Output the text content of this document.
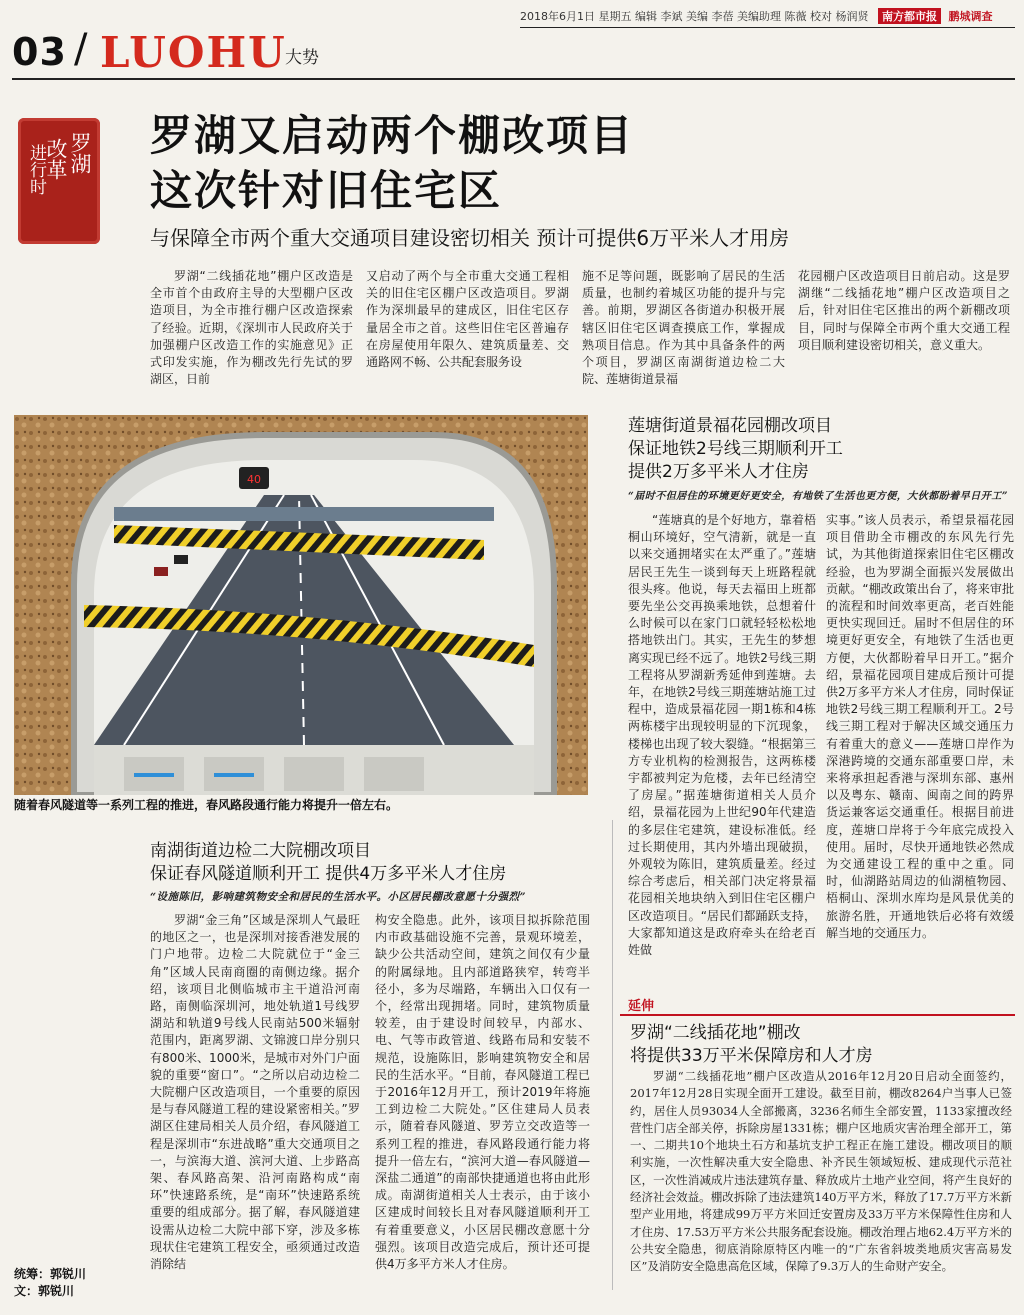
2018年6月1日 星期五 编辑 李斌 美编 李蓓 美编助理 陈薇 校对 杨润贤 南方都市报 鹏城调查
03 / LUOHU
大势
罗湖
改革
进行时
罗湖又启动两个棚改项目
这次针对旧住宅区
与保障全市两个重大交通项目建设密切相关 预计可提供6万平米人才用房

罗湖“二线插花地”棚户区改造是全市首个由政府主导的大型棚户区改造项目，为全市推行棚户区改造探索了经验。近期，《深圳市人民政府关于加强棚户区改造工作的实施意见》正式印发实施，作为棚改先行先试的罗湖区，日前

又启动了两个与全市重大交通工程相关的旧住宅区棚户区改造项目。罗湖作为深圳最早的建成区，旧住宅区存量居全市之首。这些旧住宅区普遍存在房屋使用年限久、建筑质量差、交通路网不畅、公共配套服务设

施不足等问题，既影响了居民的生活质量，也制约着城区功能的提升与完善。前期，罗湖区各街道办积极开展辖区旧住宅区调查摸底工作，掌握成熟项目信息。作为其中具备条件的两个项目，罗湖区南湖街道边检二大院、莲塘街道景福

花园棚户区改造项目日前启动。这是罗湖继“二线插花地”棚户区改造项目之后，针对旧住宅区推出的两个新棚改项目，同时与保障全市两个重大交通工程项目顺利建设密切相关，意义重大。

40
随着春风隧道等一系列工程的推进，春风路段通行能力将提升一倍左右。
莲塘街道景福花园棚改项目
保证地铁2号线三期顺利开工
提供2万多平米人才住房
“届时不但居住的环境更好更安全，有地铁了生活也更方便，大伙都盼着早日开工”

“莲塘真的是个好地方，靠着梧桐山环境好，空气清新，就是一直以来交通拥堵实在太严重了。”莲塘居民王先生一谈到每天上班路程就很头疼。他说，每天去福田上班都要先坐公交再换乘地铁，总想着什么时候可以在家门口就轻轻松松地搭地铁出门。其实，王先生的梦想离实现已经不远了。地铁2号线三期工程将从罗湖新秀延伸到莲塘。去年，在地铁2号线三期莲塘站施工过程中，造成景福花园一期1栋和4栋两栋楼宇出现较明显的下沉现象，楼梯也出现了较大裂缝。“根据第三方专业机构的检测报告，这两栋楼宇都被判定为危楼，去年已经清空了房屋。”据莲塘街道相关人员介绍，景福花园为上世纪90年代建造的多层住宅建筑，建设标准低。经过长期使用，其内外墙出现破损，外观较为陈旧，建筑质量差。经过综合考虑后，相关部门决定将景福花园相关地块纳入到旧住宅区棚户区改造项目。“居民们都踊跃支持，大家都知道这是政府牵头在给老百姓做

实事。”该人员表示，希望景福花园项目借助全市棚改的东风先行先试，为其他街道探索旧住宅区棚改经验，也为罗湖全面振兴发展做出贡献。“棚改政策出台了，将来审批的流程和时间效率更高，老百姓能更快实现回迁。届时不但居住的环境更好更安全，有地铁了生活也更方便，大伙都盼着早日开工。”据介绍，景福花园项目建成后预计可提供2万多平方米人才住房，同时保证地铁2号线三期工程顺利开工。2号线三期工程对于解决区域交通压力有着重大的意义——莲塘口岸作为深港跨境的交通东部重要口岸，未来将承担起香港与深圳东部、惠州以及粤东、赣南、闽南之间的跨界货运兼客运交通重任。根据目前进度，莲塘口岸将于今年底完成投入使用。届时，尽快开通地铁必然成为交通建设工程的重中之重。同时，仙湖路站周边的仙湖植物园、梧桐山、深圳水库均是风景优美的旅游名胜，开通地铁后必将有效缓解当地的交通压力。

南湖街道边检二大院棚改项目
保证春风隧道顺利开工 提供4万多平米人才住房
“设施陈旧，影响建筑物安全和居民的生活水平。小区居民棚改意愿十分强烈”

罗湖“金三角”区域是深圳人气最旺的地区之一，也是深圳对接香港发展的门户地带。边检二大院就位于“金三角”区域人民南商圈的南侧边缘。据介绍，该项目北侧临城市主干道沿河南路，南侧临深圳河，地处轨道1号线罗湖站和轨道9号线人民南站500米辐射范围内，距离罗湖、文锦渡口岸分别只有800米、1000米，是城市对外门户面貌的重要“窗口”。“之所以启动边检二大院棚户区改造项目，一个重要的原因是与春风隧道工程的建设紧密相关。”罗湖区住建局相关人员介绍，春风隧道工程是深圳市“东进战略”重大交通项目之一，与滨海大道、滨河大道、上步路高架、春风路高架、沿河南路构成“南环”快速路系统，是“南环”快速路系统重要的组成部分。据了解，春风隧道建设需从边检二大院中部下穿，涉及多栋现状住宅建筑工程安全，亟须通过改造消除结

构安全隐患。此外，该项目拟拆除范围内市政基础设施不完善，景观环境差，缺少公共活动空间，建筑之间仅有少量的附属绿地。且内部道路狭窄，转弯半径小，多为尽端路，车辆出入口仅有一个，经常出现拥堵。同时，建筑物质量较差，由于建设时间较早，内部水、电、气等市政管道、线路布局和安装不规范，设施陈旧，影响建筑物安全和居民的生活水平。“目前，春风隧道工程已于2016年12月开工，预计2019年将施工到边检二大院处。”区住建局人员表示，随着春风隧道、罗芳立交改造等一系列工程的推进，春风路段通行能力将提升一倍左右，“滨河大道—春风隧道—深盐二通道”的南部快捷通道也将由此形成。南湖街道相关人士表示，由于该小区建成时间较长且对春风隧道顺利开工有着重要意义，小区居民棚改意愿十分强烈。该项目改造完成后，预计还可提供4万多平方米人才住房。

延伸
罗湖“二线插花地”棚改
将提供33万平米保障房和人才房

罗湖“二线插花地”棚户区改造从2016年12月20日启动全面签约，2017年12月28日实现全面开工建设。截至目前，棚改8264户当事人已签约，居住人员93034人全部搬离，3236名师生全部安置，1133家擅改经营性门店全部关停，拆除房屋1331栋；棚户区地质灾害治理全部开工，第一、二期共10个地块土石方和基坑支护工程正在施工建设。棚改项目的顺利实施，一次性解决重大安全隐患、补齐民生领域短板、建成现代示范社区，一次性消减成片违法建筑存量、释放成片土地产业空间，将产生良好的经济社会效益。棚改拆除了违法建筑140万平方米，释放了17.7万平方米新型产业用地，将建成99万平方米回迁安置房及33万平方米保障性住房和人才住房、17.53万平方米公共服务配套设施。棚改治理占地62.4万平方米的公共安全隐患，彻底消除原特区内唯一的“广东省斜坡类地质灾害高易发区”及消防安全隐患高危区域，保障了9.3万人的生命财产安全。

统筹：郭锐川
文：郭锐川
